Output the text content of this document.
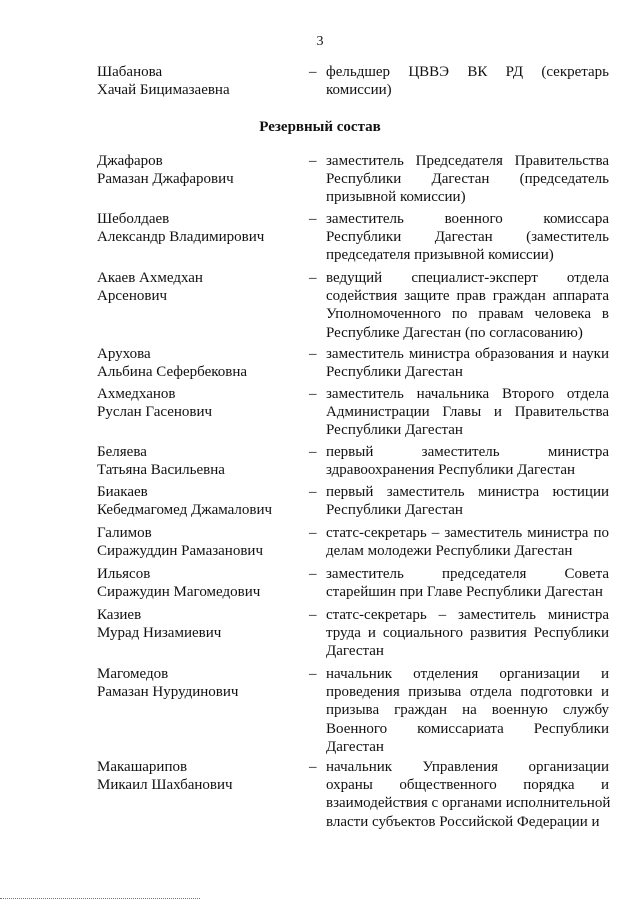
3
Шабанова
Хачай Бицимазаевна
– фельдшер ЦВВЭ ВК РД (секретарь
комиссии)
Резервный состав
Джафаров
Рамазан Джафарович
– заместитель Председателя Правительства
Республики Дагестан (председатель
призывной комиссии)
Шеболдаев
Александр Владимирович
– заместитель военного комиссара
Республики Дагестан (заместитель
председателя призывной комиссии)
Акаев Ахмедхан
Арсенович
– ведущий специалист-эксперт отдела
содействия защите прав граждан аппарата
Уполномоченного по правам человека в
Республике Дагестан (по согласованию)
Арухова
Альбина Сефербековна
– заместитель министра образования и науки
Республики Дагестан
Ахмедханов
Руслан Гасенович
– заместитель начальника Второго отдела
Администрации Главы и Правительства
Республики Дагестан
Беляева
Татьяна Васильевна
– первый заместитель министра
здравоохранения Республики Дагестан
Биакаев
Кебедмагомед Джамалович
– первый заместитель министра юстиции
Республики Дагестан
Галимов
Сиражуддин Рамазанович
– статс-секретарь – заместитель министра по
делам молодежи Республики Дагестан
Ильясов
Сиражудин Магомедович
– заместитель председателя Совета
старейшин при Главе Республики Дагестан
Казиев
Мурад Низамиевич
– статс-секретарь – заместитель министра
труда и социального развития Республики
Дагестан
Магомедов
Рамазан Нурудинович
– начальник отделения организации и
проведения призыва отдела подготовки и
призыва граждан на военную службу
Военного комиссариата Республики
Дагестан
Макашарипов
Микаил Шахбанович
– начальник Управления организации
охраны общественного порядка и
взаимодействия с органами исполнительной
власти субъектов Российской Федерации и
